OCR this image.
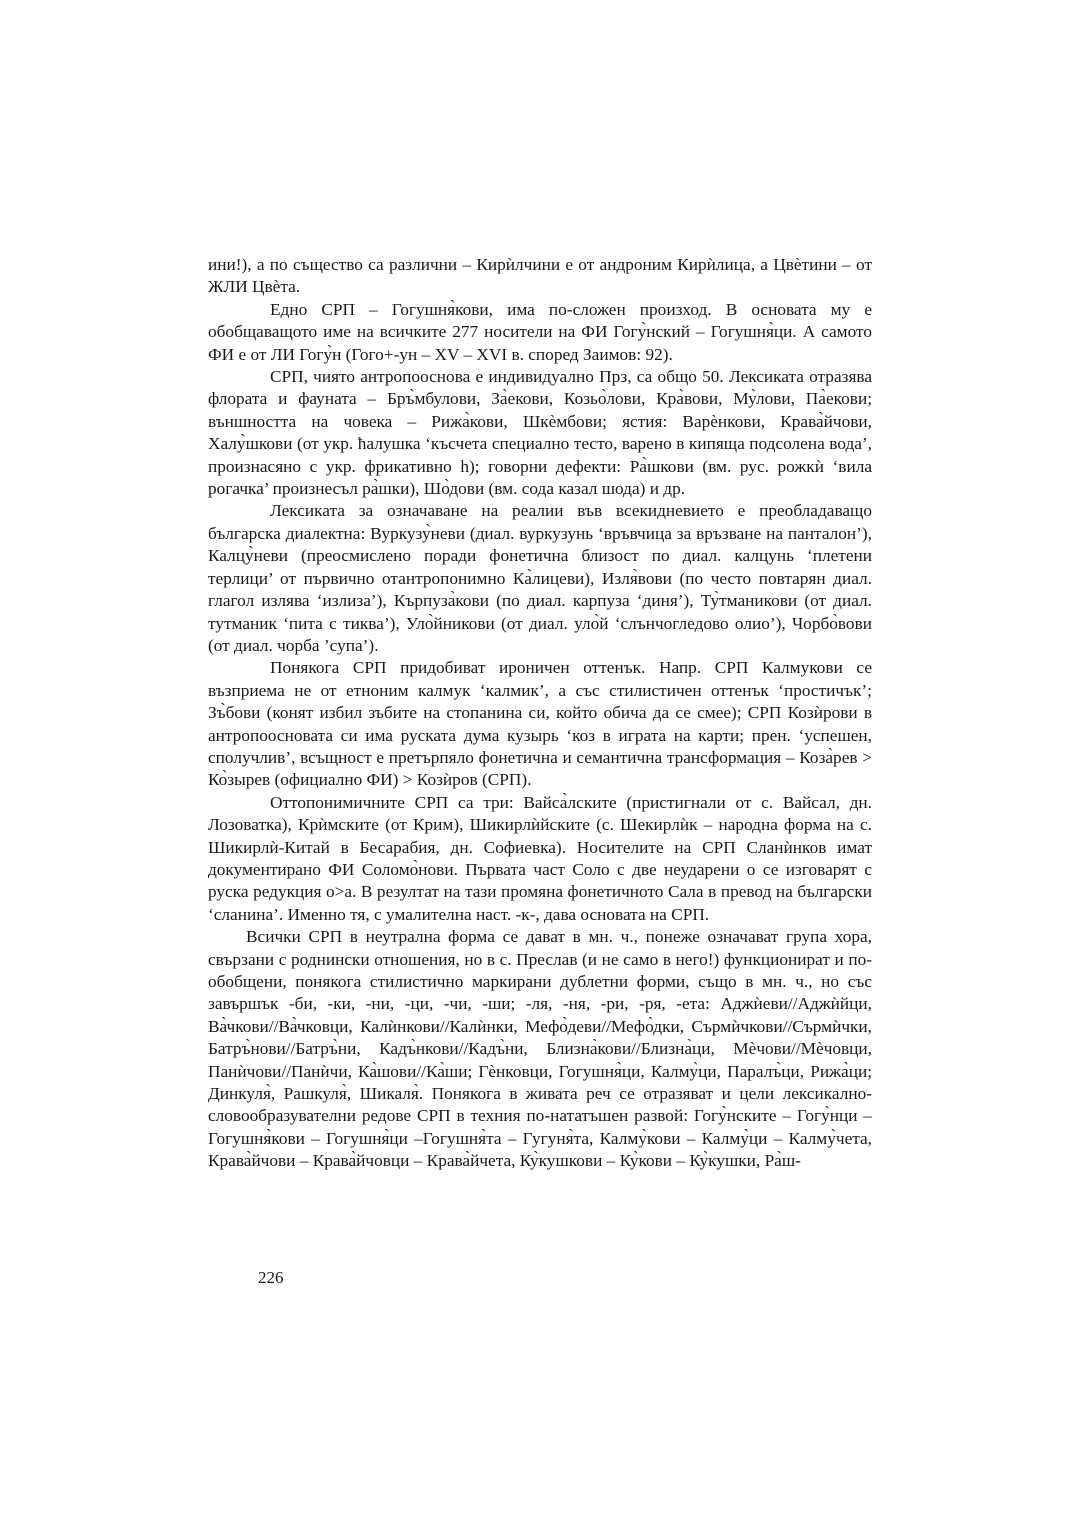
ини!), а по същество са различни – Кирѝлчини е от андроним Кирѝлица, а Цвѐтини – от ЖЛИ Цвѐта.

Едно СРП – Гогушня̀кови, има по-сложен произход. В основата му е обобщаващото име на всичките 277 носители на ФИ Гогу̀нский – Гогушня̀ци. А самото ФИ е от ЛИ Гогу̀н (Гого+-ун – XV – XVI в. според Заимов: 92).

СРП, чиято антропооснова е индивидуално Прз, са общо 50. Лексиката отразява флората и фауната – Бръ̀мбулови, За̀екови, Козьо̀лови, Кра̀вови, Му̀лови, Па̀екови; външността на човека – Рижа̀кови, Шкѐмбови; ястия: Варѐнкови, Крава̀йчови, Халу̀шкови (от укр. ћалушка ‘късчета специално тесто, варено в кипяща подсолена вода’, произнасяно с укр. фрикативно h); говорни дефекти: Ра̀шкови (вм. рус. рожкѝ ‘вила рогачка’ произнесъл ра̀шки), Шо̀дови (вм. сода казал шода) и др.

Лексиката за означаване на реалии във всекидневието е преобладаващо българска диалектна: Вуркузу̀неви (диал. вуркузунь ‘връвчица за връзване на панталон’), Калцу̀неви (преосмислено поради фонетична близост по диал. калцунь ‘плетени терлици’ от първично отантропонимно Ка̀лицеви), Изля̀вови (по често повтарян диал. глагол излява ‘излиза’), Кърпуза̀кови (по диал. карпуза ‘диня’), Ту̀тманикови (от диал. тутманик ‘пита с тиква’), Уло̀йникови (от диал. уло̀й ‘слънчогледово олио’), Чорбо̀вови (от диал. чорба ’супа’).

Понякога СРП придобиват ироничен оттенък. Напр. СРП Калмукови се възприема не от етноним калмук ‘калмик’, а със стилистичен оттенък ‘простичък’; Зъ̀бови (конят избил зъбите на стопанина си, който обича да се смее); СРП Козѝрови в антропоосновата си има руската дума кузырь ‘коз в играта на карти; прен. ‘успешен, сполучлив’, всъщност е претърпяло фонетична и семантична трансформация – Коза̀рев > Ко̀зырев (официално ФИ) > Козѝров (СРП).

Оттопонимичните СРП са три: Вайса̀лските (пристигнали от с. Вайсал, дн. Лозоватка), Крѝмските (от Крим), Шикирлѝйските (с. Шекирлѝк – народна форма на с. Шикирлѝ-Китай в Бесарабия, дн. Софиевка). Носителите на СРП Сланѝнков имат документирано ФИ Соломо̀нови. Първата част Соло с две неударени о се изговарят с руска редукция о>а. В резултат на тази промяна фонетичното Сала в превод на български ‘сланина’. Именно тя, с умалителна наст. -к-, дава основата на СРП.

Всички СРП в неутрална форма се дават в мн. ч., понеже означават група хора, свързани с роднински отношения, но в с. Преслав (и не само в него!) функционират и по-обобщени, понякога стилистично маркирани дублетни форми, също в мн. ч., но със завършък -би, -ки, -ни, -ци, -чи, -ши; -ля, -ня, -ри, -ря, -ета: Аджѝеви//Аджѝйци, Ва̀чкови//Ва̀чковци, Калѝнкови//Калѝнки, Мефо̀деви//Мефо̀дки, Сърмѝчкови//Сърмѝчки, Батръ̀нови//Батръ̀ни, Кадъ̀нкови//Кадъ̀ни, Близна̀кови//Близна̀ци, Мѐчови//Мѐчовци, Панѝчови//Панѝчи, Ка̀шови//Ка̀ши; Гѐнковци, Гогушня̀ци, Калму̀ци, Паралъ̀ци, Рижа̀ци; Динкуля̀, Рашкуля̀, Шикаля̀. Понякога в живата реч се отразяват и цели лексикално-словообразувателни редове СРП в техния по-нататъшен развой: Гогу̀нските – Гогу̀нци – Гогушня̀кови – Гогушня̀ци –Гогушня̀та – Гугуня̀та, Калму̀кови – Калму̀ци – Калму̀чета, Крава̀йчови – Крава̀йчовци – Крава̀йчета, Ку̀кушкови – Ку̀кови – Ку̀кушки, Ра̀ш-

226
